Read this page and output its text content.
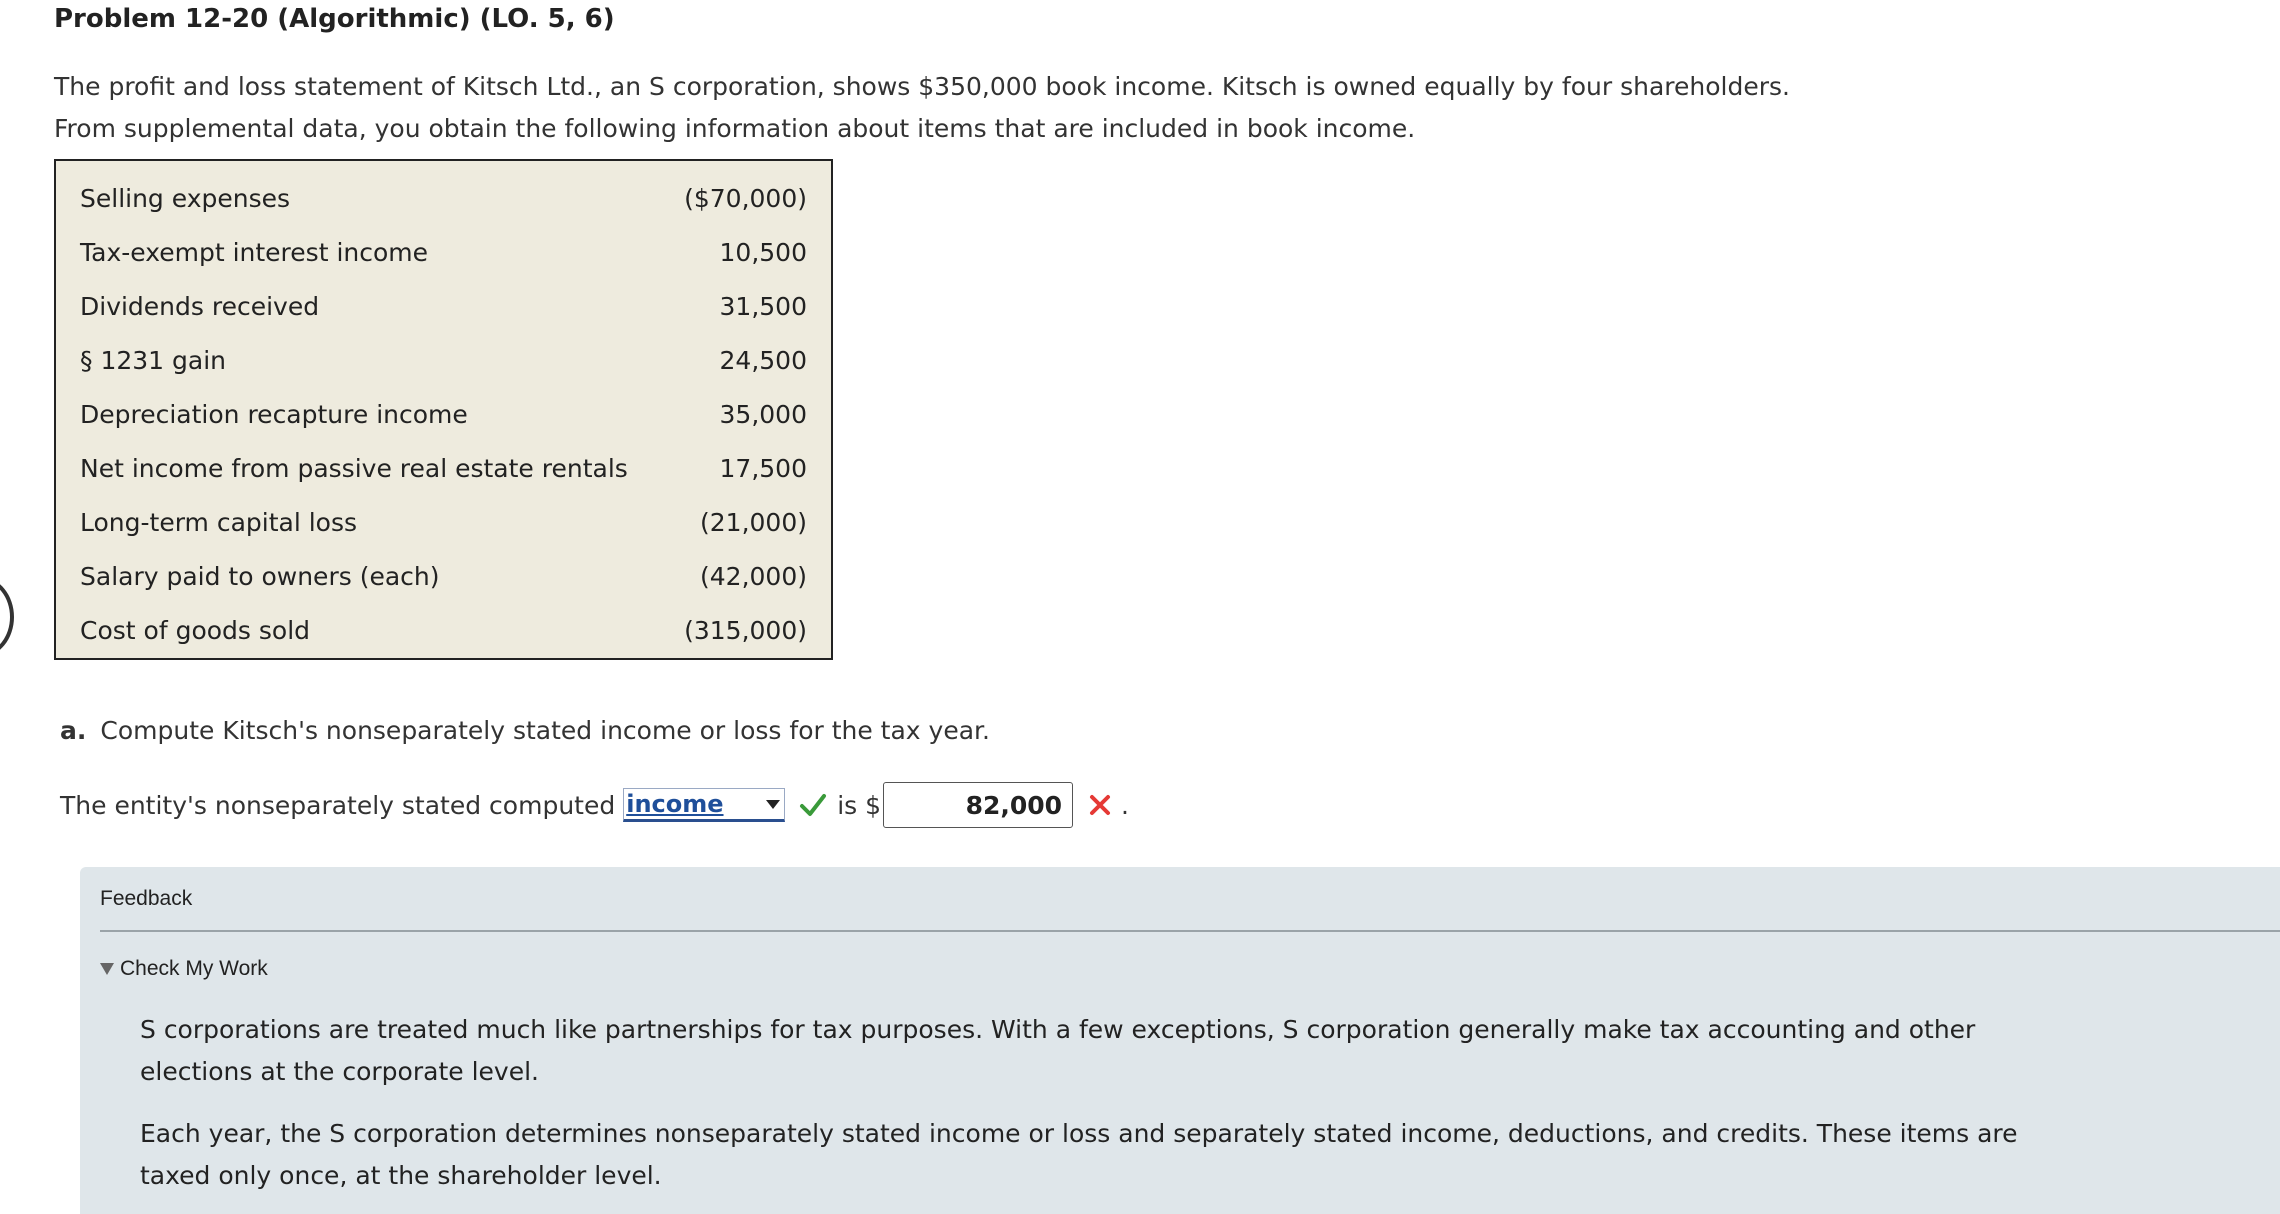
Problem 12-20 (Algorithmic) (LO. 5, 6)

The profit and loss statement of Kitsch Ltd., an S corporation, shows $350,000 book income. Kitsch is owned equally by four shareholders.

From supplemental data, you obtain the following information about items that are included in book income.

Selling expenses	($70,000)
Tax-exempt interest income	10,500
Dividends received	31,500
§ 1231 gain	24,500
Depreciation recapture income	35,000
Net income from passive real estate rentals	17,500
Long-term capital loss	(21,000)
Salary paid to owners (each)	(42,000)
Cost of goods sold	(315,000)
a. Compute Kitsch's nonseparately stated income or loss for the tax year.
The entity's nonseparately stated computed income	is $
82,000	.
Feedback
Check My Work

S corporations are treated much like partnerships for tax purposes. With a few exceptions, S corporation generally make tax accounting and other elections at the corporate level.

Each year, the S corporation determines nonseparately stated income or loss and separately stated income, deductions, and credits. These items are taxed only once, at the shareholder level.
